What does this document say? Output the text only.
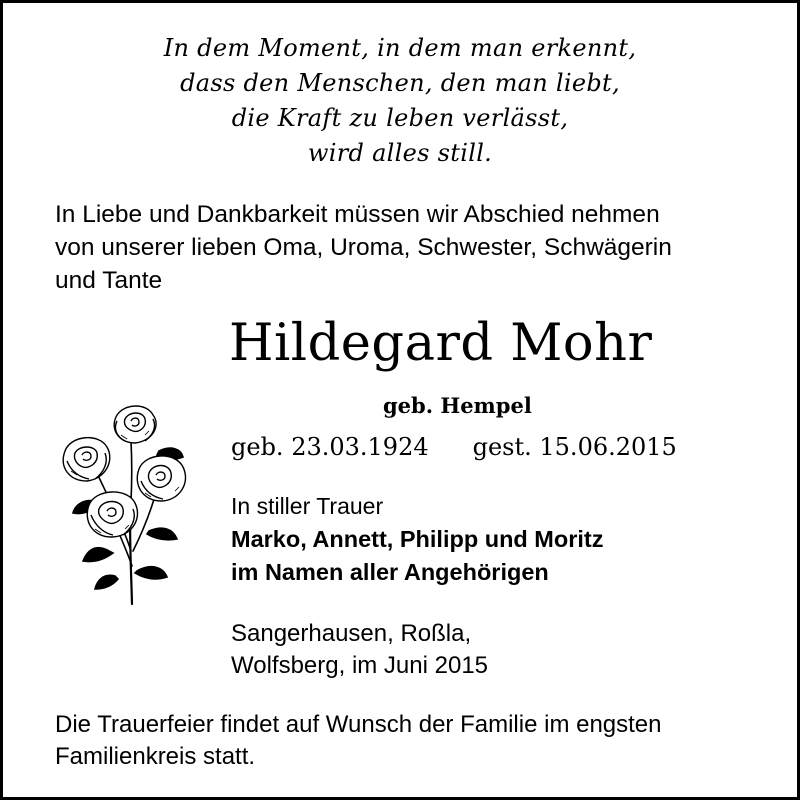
In dem Moment, in dem man erkennt,
dass den Menschen, den man liebt,
die Kraft zu leben verlässt,
wird alles still.
In Liebe und Dankbarkeit müssen wir Abschied nehmen
von unserer lieben Oma, Uroma, Schwester, Schwägerin
und Tante
Hildegard Mohr
geb. Hempel
geb. 23.03.1924 gest. 15.06.2015
In stiller Trauer
Marko, Annett, Philipp und Moritz
im Namen aller Angehörigen
Sangerhausen, Roßla,
Wolfsberg, im Juni 2015
Die Trauerfeier findet auf Wunsch der Familie im engsten
Familienkreis statt.
